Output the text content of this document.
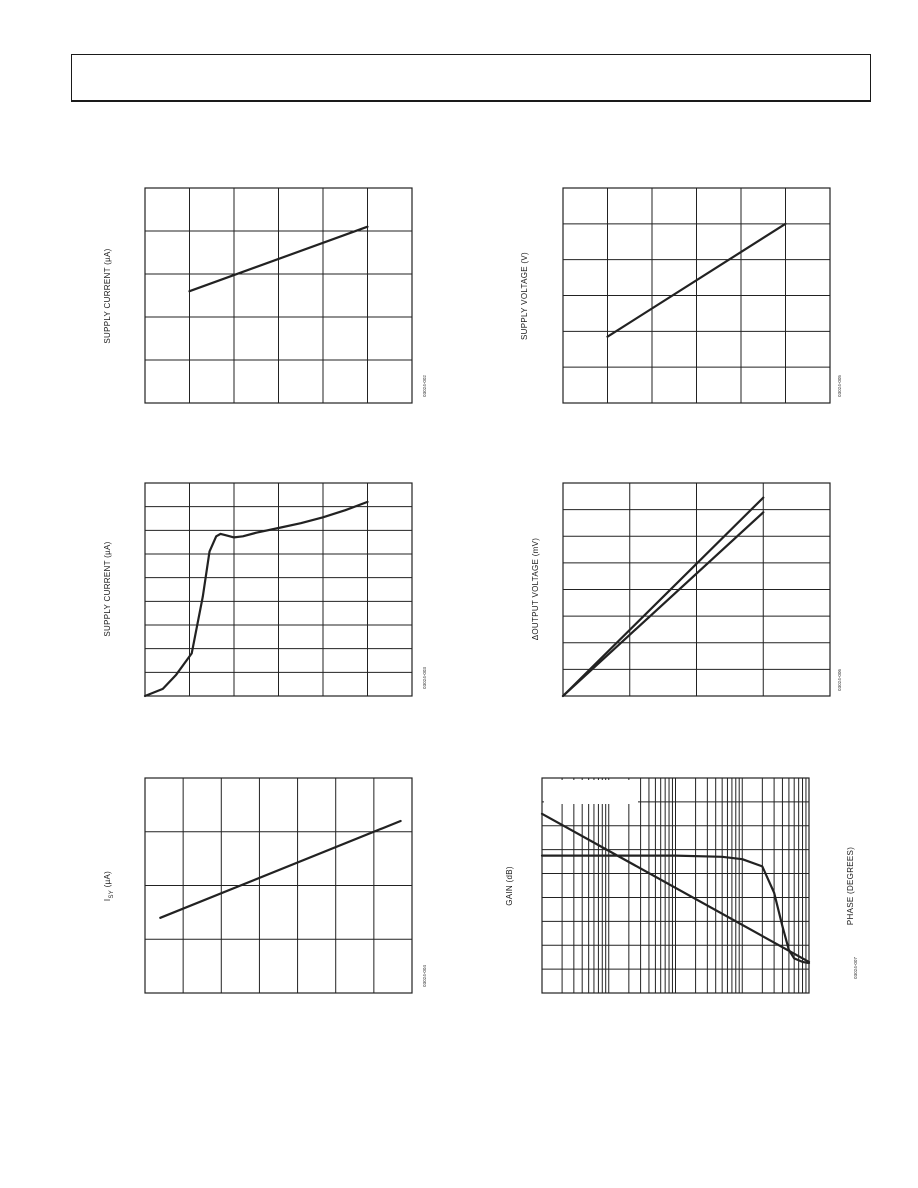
SUPPLY CURRENT (µA)
03024-002
SUPPLY VOLTAGE (V)
03024-005
SUPPLY CURRENT (µA)
03024-003
ΔOUTPUT VOLTAGE (mV)
03024-006
$I_{SY}$ (µA)
03024-004
GAIN (dB)	PHASE (DEGREES)
03024-007
